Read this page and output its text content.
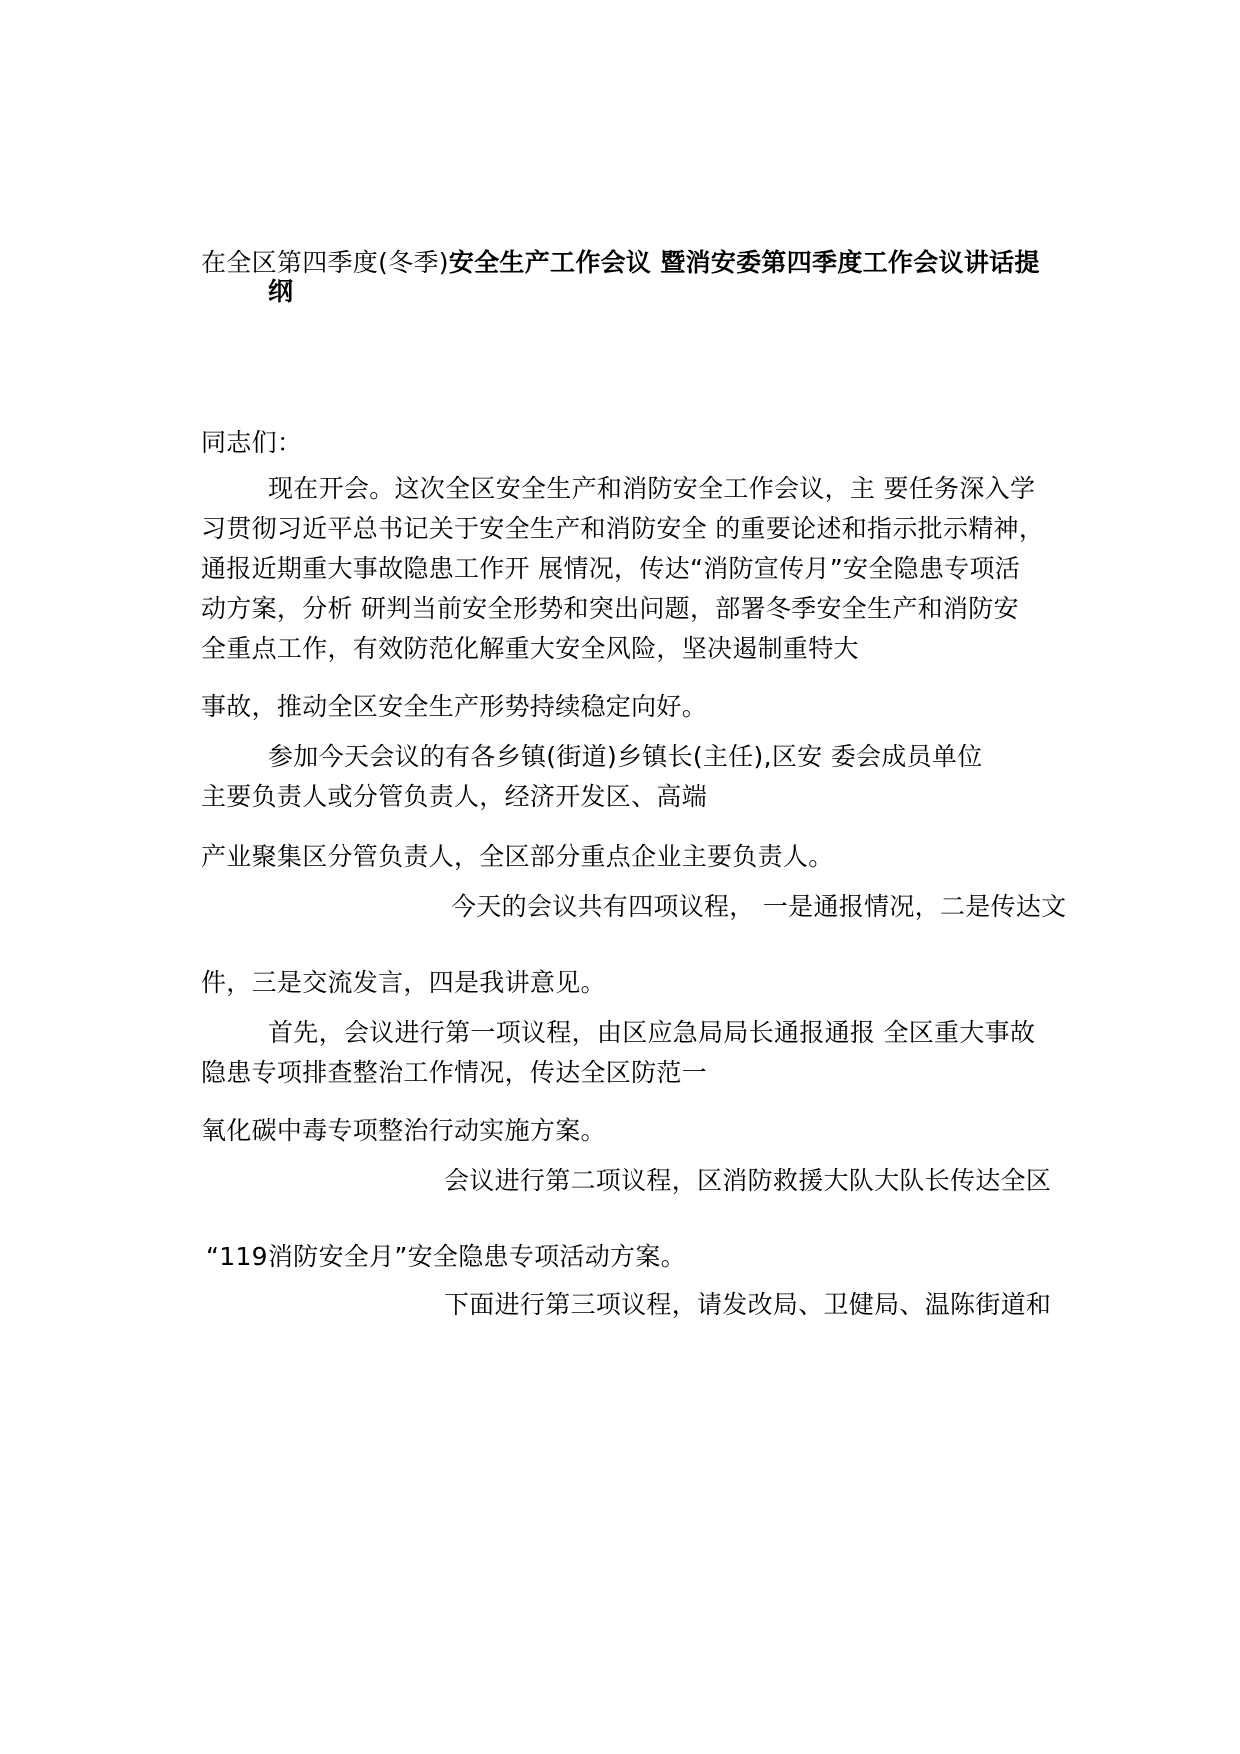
在全区第四季度(冬季)安全生产工作会议 暨消安委第四季度工作会议讲话提
纲
同志们：
现在开会。这次全区安全生产和消防安全工作会议，主 要任务深入学
习贯彻习近平总书记关于安全生产和消防安全 的重要论述和指示批示精神，
通报近期重大事故隐患工作开 展情况，传达“消防宣传月”安全隐患专项活
动方案，分析 研判当前安全形势和突出问题，部署冬季安全生产和消防安
全重点工作，有效防范化解重大安全风险，坚决遏制重特大
事故，推动全区安全生产形势持续稳定向好。
参加今天会议的有各乡镇(街道)乡镇长(主任),区安 委会成员单位
主要负责人或分管负责人，经济开发区、高端
产业聚集区分管负责人，全区部分重点企业主要负责人。
今天的会议共有四项议程， 一是通报情况，二是传达文
件，三是交流发言，四是我讲意见。
首先，会议进行第一项议程，由区应急局局长通报通报 全区重大事故
隐患专项排查整治工作情况，传达全区防范一
氧化碳中毒专项整治行动实施方案。
会议进行第二项议程，区消防救援大队大队长传达全区
“119消防安全月”安全隐患专项活动方案。
下面进行第三项议程，请发改局、卫健局、温陈街道和
